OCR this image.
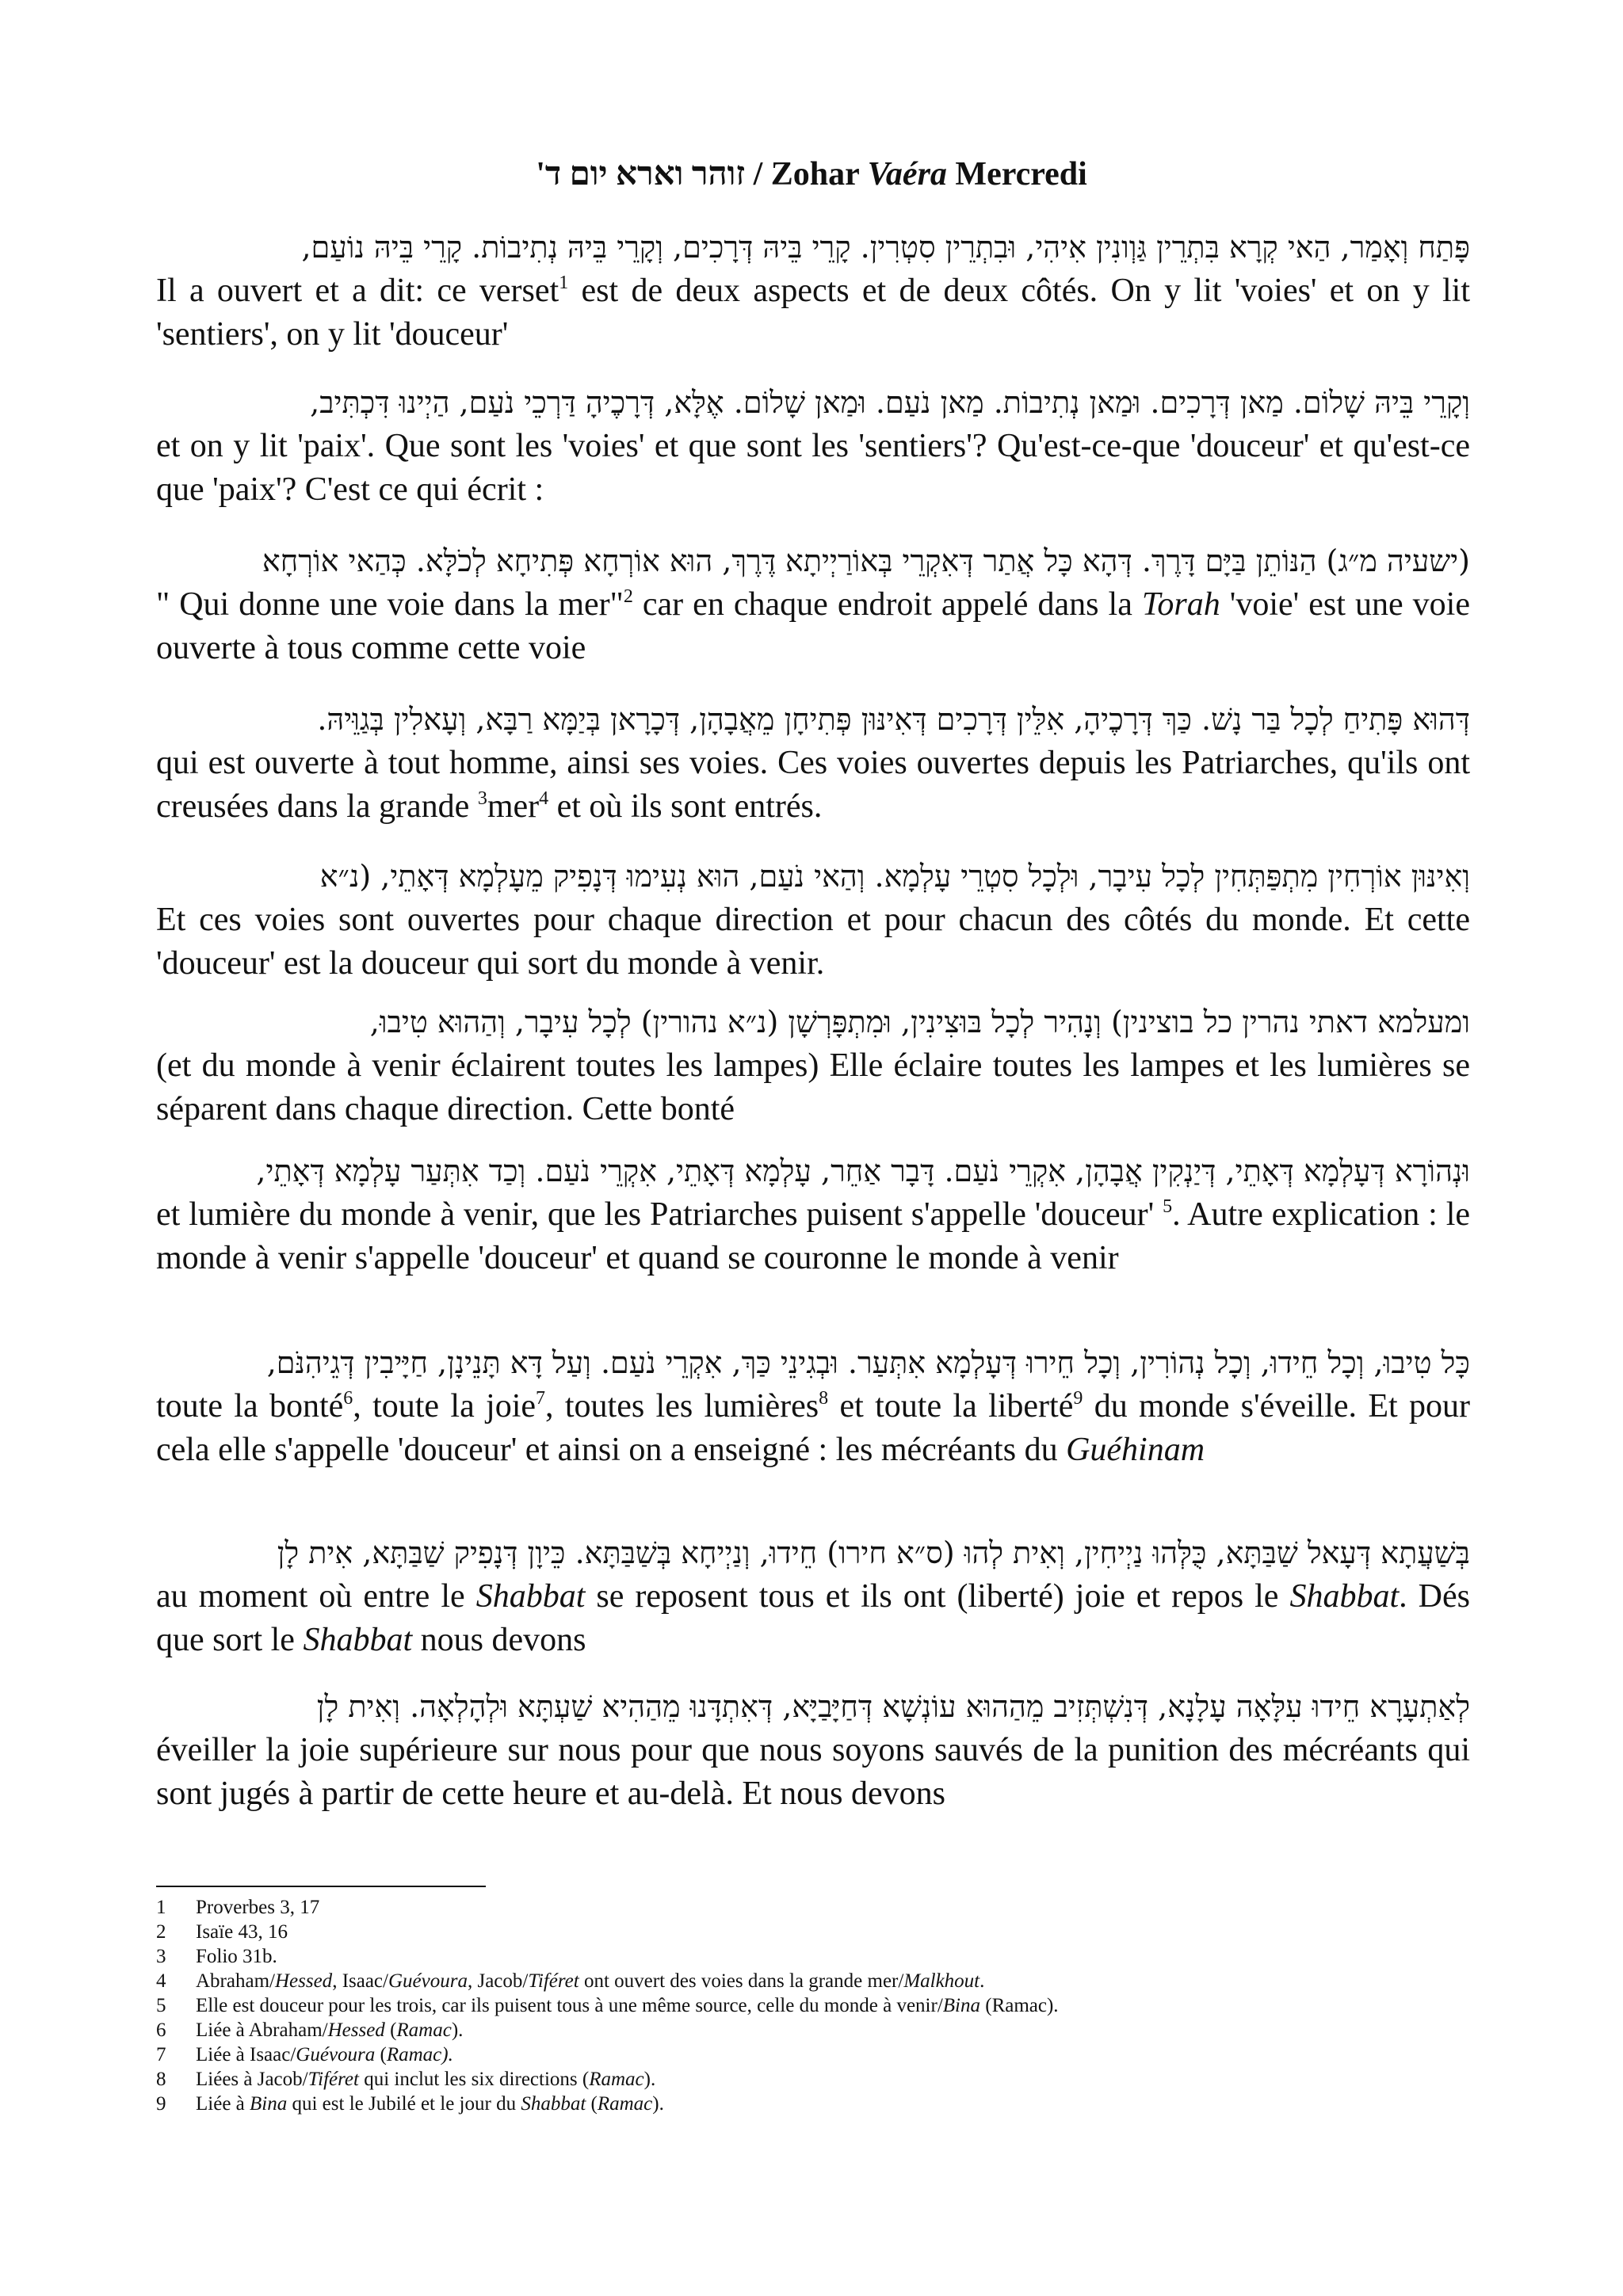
זוהר וארא יום ד' / Zohar Vaéra Mercredi
פָּתַח וְאָמַר, הַאי קְרָא בִּתְרֵין גַּוְונִין אִיהִי, וּבִתְרֵין סִטְרִין. קָרֵי בֵּיהּ דְּרָכִים, וְקָרֵי בֵּיהּ נְתִיבוֹת. קָרֵי בֵּיהּ נוֹעַם,
Il a ouvert et a dit: ce verset$^1$ est de deux aspects et de deux côtés. On y lit 'voies' et on y lit 'sentiers', on y lit 'douceur'
וְקָרֵי בֵּיהּ שָׁלוֹם. מַאן דְּרָכִים. וּמַאן נְתִיבוֹת. מַאן נֹעַם. וּמַאן שָׁלוֹם. אֶלָּא, דְּרָכֶיהָ דַּרְכֵי נֹעַם, הַיְינוּ דִּכְתִּיב,
et on y lit 'paix'. Que sont les 'voies' et que sont les 'sentiers'? Qu'est-ce-que 'douceur' et qu'est-ce que 'paix'? C'est ce qui écrit :
(ישעיה מ״ג) הַנּוֹתֵן בַּיָּם דָּרֶךְ. דְּהָא כָּל אֲתַר דְּאִקְרֵי בְּאוֹרַיְיתָא דֶּרֶךְ, הוּא אוֹרְחָא פְּתִיחָא לְכֹלָּא. כְּהַאי אוֹרְחָא
" Qui donne une voie dans la mer"$^2$ car en chaque endroit appelé dans la Torah 'voie' est une voie ouverte à tous comme cette voie
דְּהוּא פָּתִיחַ לְכָל בַּר נָשׁ. כַּךְ דְּרָכֶיהָ, אִלֵּין דְּרָכִים דְּאִינּוּן פְּתִיחָן מֵאֲבָהָן, דְּכָרָאן בְּיַמָּא רַבָּא, וְעָאלִין בְּגַוֵּיהּ.
qui est ouverte à tout homme, ainsi ses voies. Ces voies ouvertes depuis les Patriarches, qu'ils ont creusées dans la grande $^3$mer$^4$ et où ils sont entrés.
וְאִינּוּן אוֹרְחִין מִתְפַּתְּחִין לְכָל עִיבָר, וּלְכָל סִטְרֵי עָלְמָא. וְהַאי נֹעַם, הוּא נְעִימוּ דְּנָפִיק מֵעָלְמָא דְּאָתֵי, (נ״א
Et ces voies sont ouvertes pour chaque direction et pour chacun des côtés du monde. Et cette 'douceur' est la douceur qui sort du monde à venir.
ומעלמא דאתי נהרין כל בוצינין) וְנָהִיר לְכָל בּוּצִינִין, וּמִתְפָּרְשָׁן (נ״א נהורין) לְכָל עִיבָר, וְהַהוּא טִיבוּ,
(et du monde à venir éclairent toutes les lampes) Elle éclaire toutes les lampes et les lumières se séparent dans chaque direction. Cette bonté
וּנְהוֹרָא דְּעָלְמָא דְּאָתֵי, דְּיַנְקִין אֲבָהָן, אִקְרֵי נֹעַם. דָּבָר אַחֵר, עָלְמָא דְּאָתֵי, אִקְרֵי נֹעַם. וְכַד אִתְּעַר עָלְמָא דְּאָתֵי,
et lumière du monde à venir, que les Patriarches puisent s'appelle 'douceur' $^5$. Autre explication : le monde à venir s'appelle 'douceur' et quand se couronne le monde à venir
כָּל טִיבוּ, וְכָל חֵידוּ, וְכָל נְהוֹרִין, וְכָל חֵירוּ דְּעָלְמָא אִתְּעַר. וּבְגִינֵי כַּךְ, אִקְרֵי נֹעַם. וְעַל דָּא תָּנֵינָן, חַיָּיבִין דְּגֵיהִנֹּם,
toute la bonté$^6$, toute la joie$^7$, toutes les lumières$^8$ et toute la liberté$^9$ du monde s'éveille. Et pour cela elle s'appelle 'douceur' et ainsi on a enseigné : les mécréants du Guéhinam
בְּשַׁעֲתָא דְּעָאל שַׁבַּתָּא, כֻּלְּהוּ נַיְיחִין, וְאִית לְהוּ (ס״א חירו) חֵידוּ, וְנַיְיחָא בְּשַׁבַּתָּא. כֵּיוָן דְּנָפִיק שַׁבַּתָּא, אִית לָן
au moment où entre le Shabbat se reposent tous et ils ont (liberté) joie et repos le Shabbat. Dés que sort le Shabbat nous devons
לְאַתְעָרָא חֵידוּ עִלָּאָה עָלָנָא, דְּנִשְׁתְּזִיב מֵהַהוּא עוֹנְשָׁא דְּחַיָּבַיָּא, דְּאִתְדָּנוּ מֵהַהִיא שַׁעְתָּא וּלְהָלְאָה. וְאִית לָן
éveiller la joie supérieure sur nous pour que nous soyons sauvés de la punition des mécréants qui sont jugés à partir de cette heure et au-delà. Et nous devons
1	Proverbes 3, 17
2	Isaïe 43, 16
3	Folio 31b.
4	Abraham/Hessed, Isaac/Guévoura, Jacob/Tiféret ont ouvert des voies dans la grande mer/Malkhout.
5	Elle est douceur pour les trois, car ils puisent tous à une même source, celle du monde à venir/Bina (Ramac).
6	Liée à Abraham/Hessed (Ramac).
7	Liée à Isaac/Guévoura (Ramac).
8	Liées à Jacob/Tiféret qui inclut les six directions (Ramac).
9	Liée à Bina qui est le Jubilé et le jour du Shabbat (Ramac).
